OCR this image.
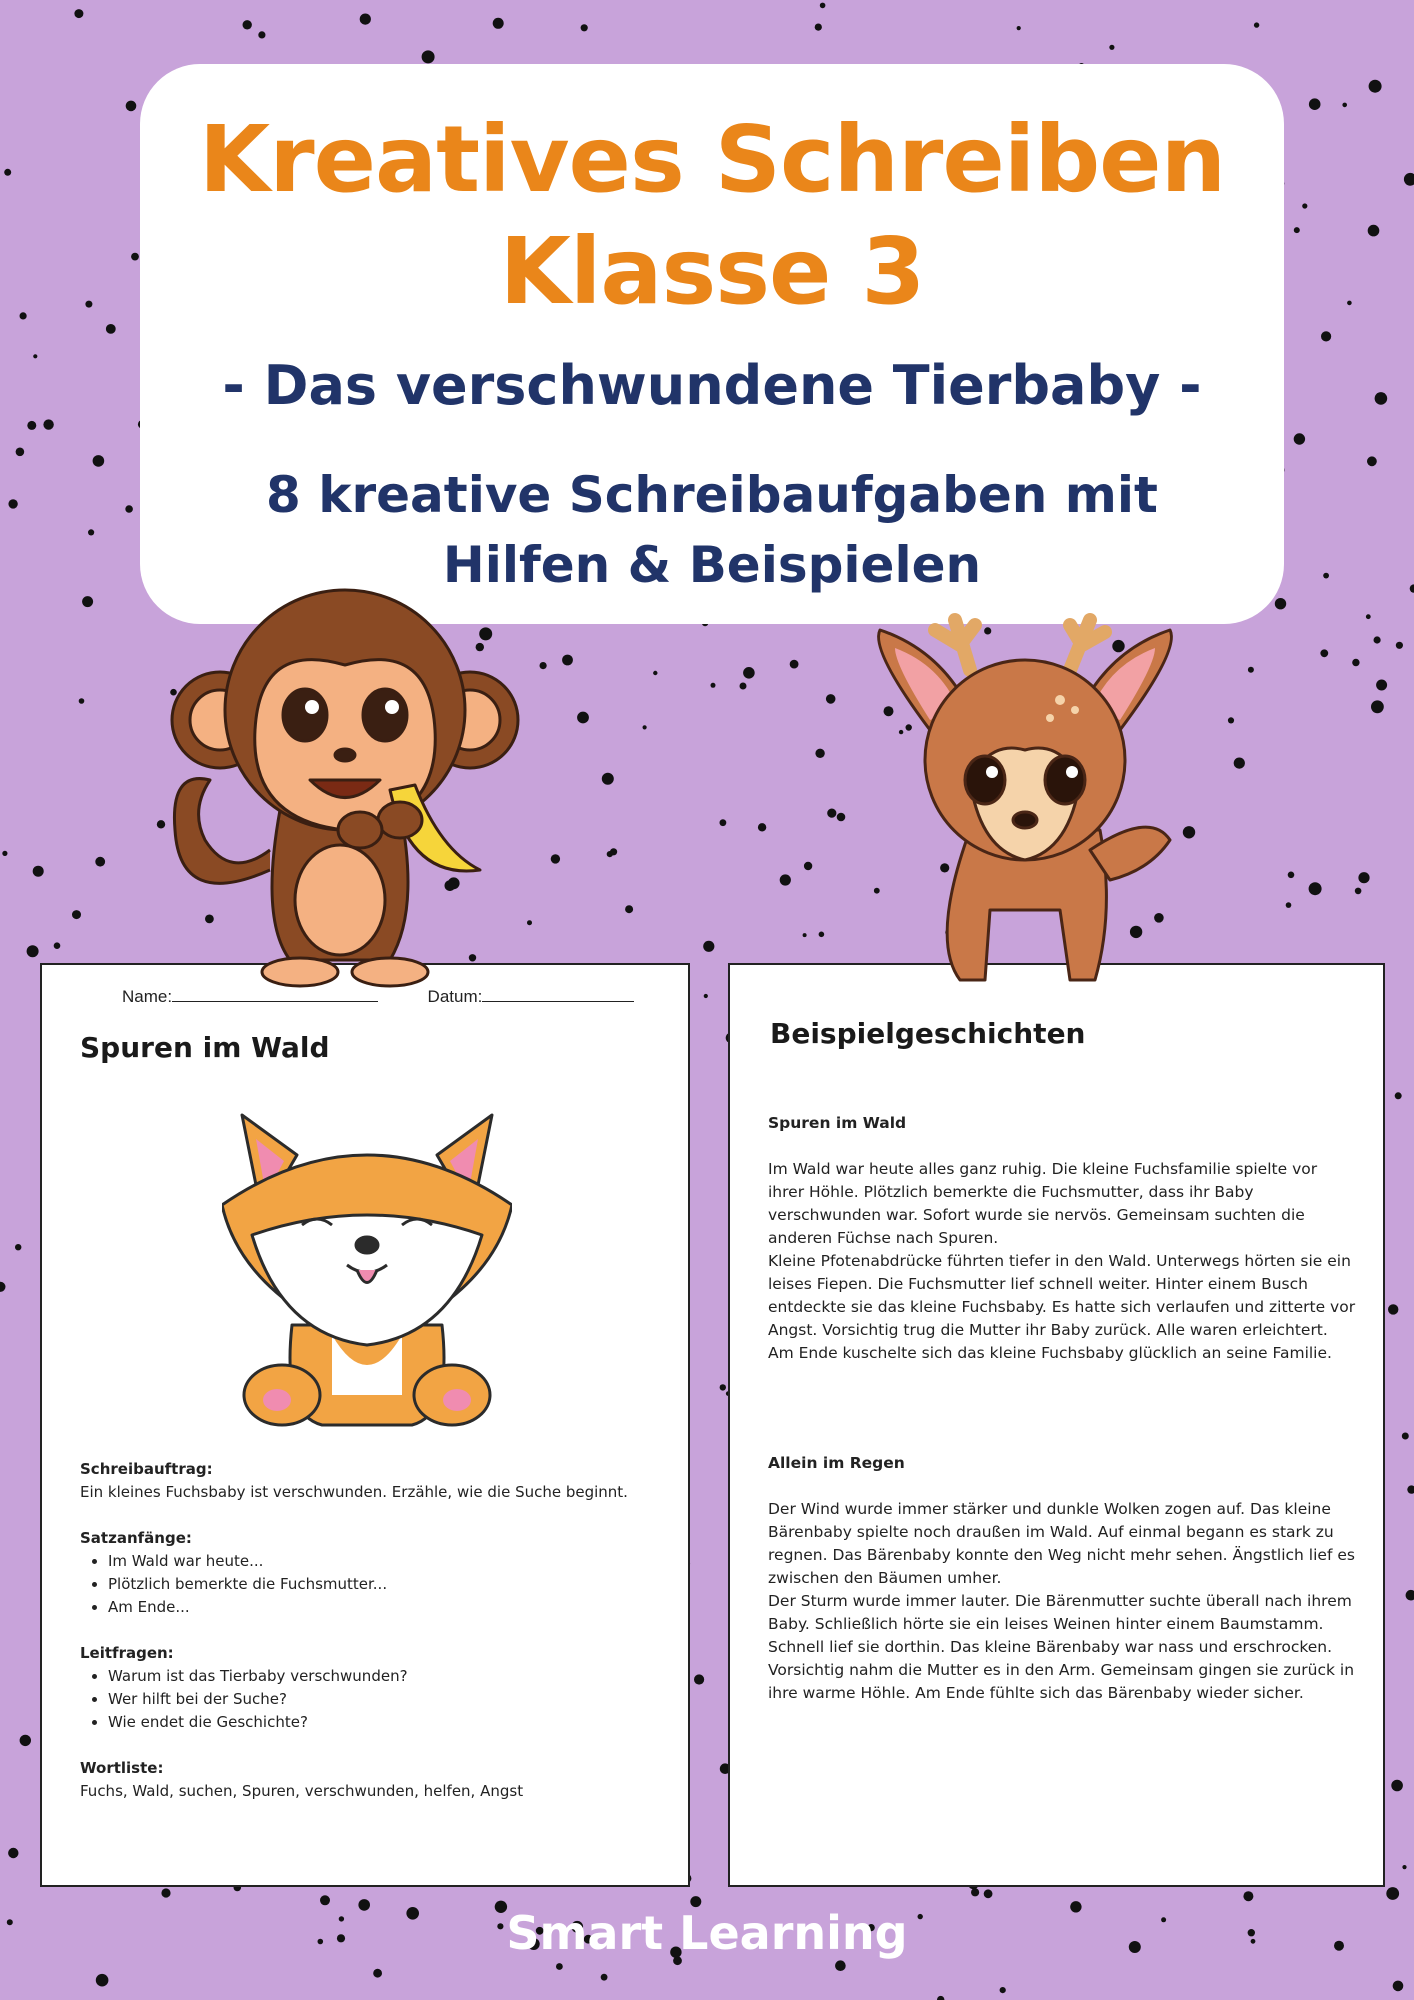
Kreatives Schreiben
Klasse 3
- Das verschwundene Tierbaby -
8 kreative Schreibaufgaben mit Hilfen & Beispielen
Name:	Datum:
Spuren im Wald
Schreibauftrag:
Ein kleines Fuchsbaby ist verschwunden. Erzähle, wie die Suche beginnt.
Satzanfänge:
• Im Wald war heute...
• Plötzlich bemerkte die Fuchsmutter...
• Am Ende...
Leitfragen:
• Warum ist das Tierbaby verschwunden?
• Wer hilft bei der Suche?
• Wie endet die Geschichte?
Wortliste:
Fuchs, Wald, suchen, Spuren, verschwunden, helfen, Angst
Beispielgeschichten
Spuren im Wald

Im Wald war heute alles ganz ruhig. Die kleine Fuchsfamilie spielte vor ihrer Höhle. Plötzlich bemerkte die Fuchsmutter, dass ihr Baby verschwunden war. Sofort wurde sie nervös. Gemeinsam suchten die anderen Füchse nach Spuren.

Kleine Pfotenabdrücke führten tiefer in den Wald. Unterwegs hörten sie ein leises Fiepen. Die Fuchsmutter lief schnell weiter. Hinter einem Busch entdeckte sie das kleine Fuchsbaby. Es hatte sich verlaufen und zitterte vor Angst. Vorsichtig trug die Mutter ihr Baby zurück. Alle waren erleichtert. Am Ende kuschelte sich das kleine Fuchsbaby glücklich an seine Familie.

Allein im Regen

Der Wind wurde immer stärker und dunkle Wolken zogen auf. Das kleine Bärenbaby spielte noch draußen im Wald. Auf einmal begann es stark zu regnen. Das Bärenbaby konnte den Weg nicht mehr sehen. Ängstlich lief es zwischen den Bäumen umher.

Der Sturm wurde immer lauter. Die Bärenmutter suchte überall nach ihrem Baby. Schließlich hörte sie ein leises Weinen hinter einem Baumstamm. Schnell lief sie dorthin. Das kleine Bärenbaby war nass und erschrocken. Vorsichtig nahm die Mutter es in den Arm. Gemeinsam gingen sie zurück in ihre warme Höhle. Am Ende fühlte sich das Bärenbaby wieder sicher.

Smart Learning
